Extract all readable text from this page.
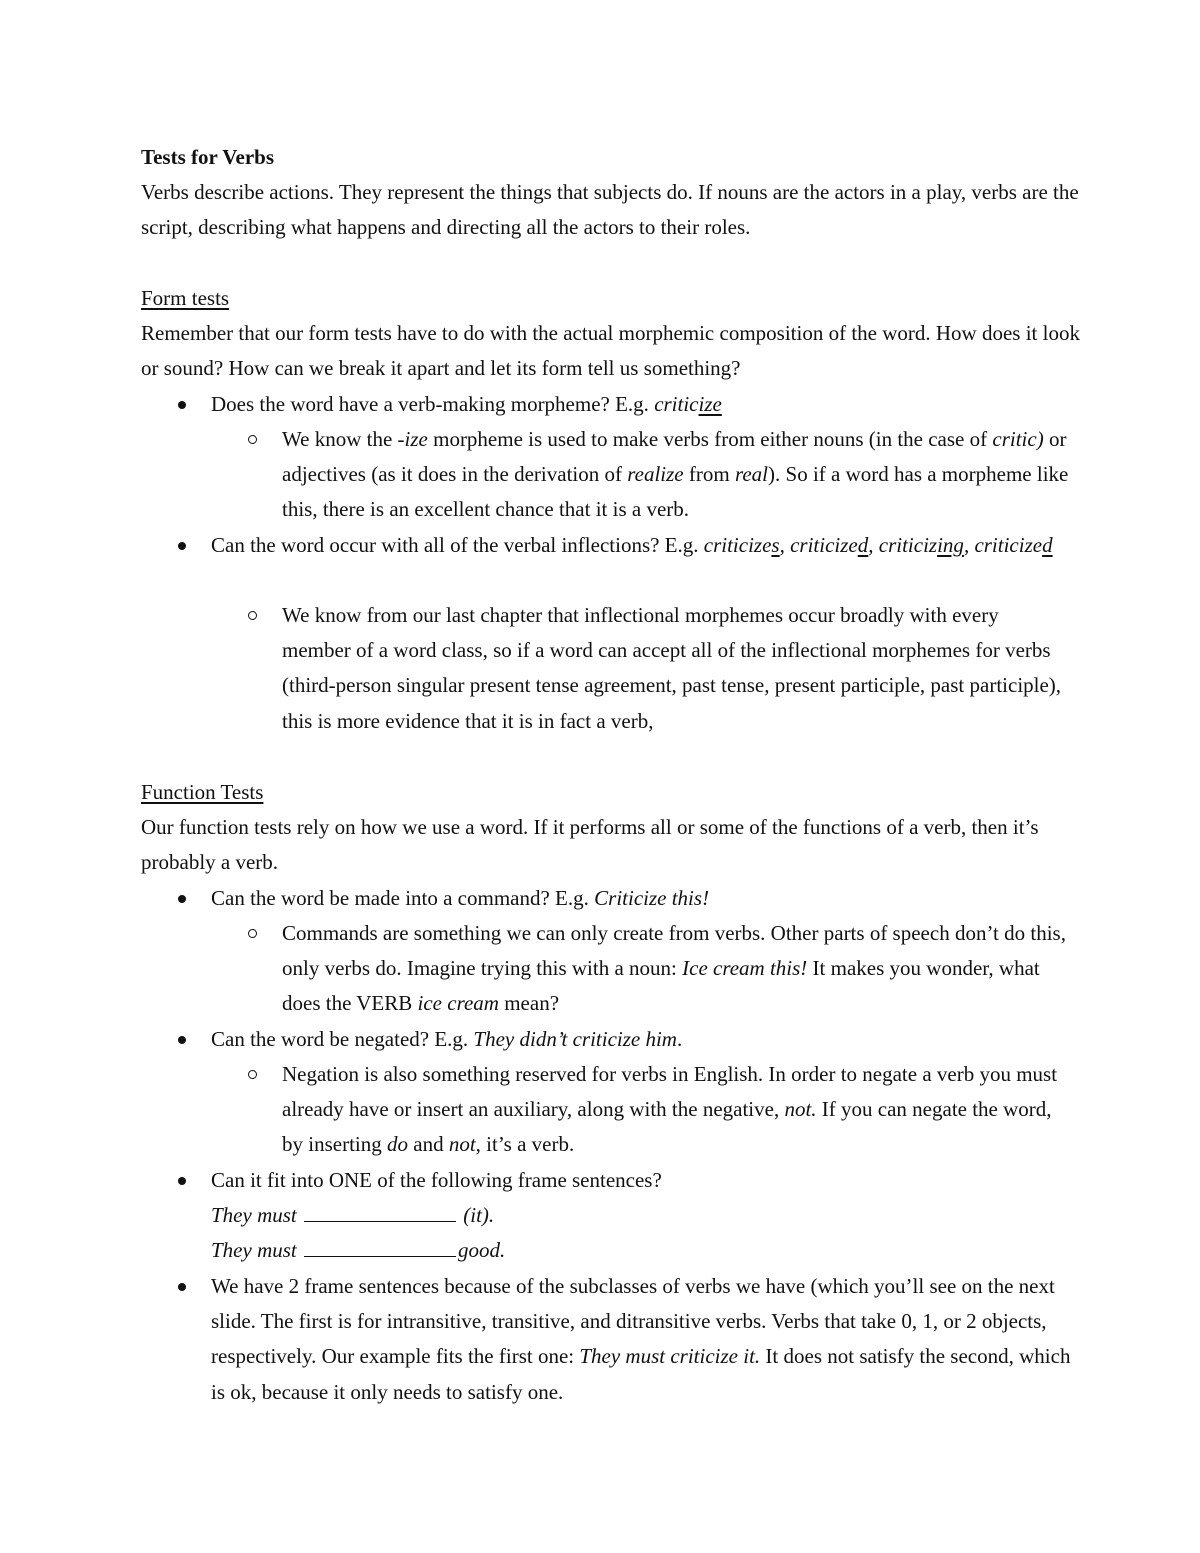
Tests for Verbs

Verbs describe actions. They represent the things that subjects do. If nouns are the actors in a play, verbs are the script, describing what happens and directing all the actors to their roles.

Form tests

Remember that our form tests have to do with the actual morphemic composition of the word. How does it look or sound? How can we break it apart and let its form tell us something?

Does the word have a verb-making morpheme? E.g. criticize

We know the -ize morpheme is used to make verbs from either nouns (in the case of critic) or adjectives (as it does in the derivation of realize from real). So if a word has a morpheme like this, there is an excellent chance that it is a verb.

Can the word occur with all of the verbal inflections? E.g. criticizes, criticized, criticizing, criticized

We know from our last chapter that inflectional morphemes occur broadly with every member of a word class, so if a word can accept all of the inflectional morphemes for verbs (third-person singular present tense agreement, past tense, present participle, past participle), this is more evidence that it is in fact a verb,

Function Tests

Our function tests rely on how we use a word. If it performs all or some of the functions of a verb, then it’s probably a verb.

Can the word be made into a command? E.g. Criticize this!

Commands are something we can only create from verbs. Other parts of speech don’t do this, only verbs do. Imagine trying this with a noun: Ice cream this! It makes you wonder, what does the VERB ice cream mean?

Can the word be negated? E.g. They didn’t criticize him.

Negation is also something reserved for verbs in English. In order to negate a verb you must already have or insert an auxiliary, along with the negative, not. If you can negate the word, by inserting do and not, it’s a verb.

Can it fit into ONE of the following frame sentences?
They must	(it).
They must	good.

We have 2 frame sentences because of the subclasses of verbs we have (which you’ll see on the next slide. The first is for intransitive, transitive, and ditransitive verbs. Verbs that take 0, 1, or 2 objects, respectively. Our example fits the first one: They must criticize it. It does not satisfy the second, which is ok, because it only needs to satisfy one.
